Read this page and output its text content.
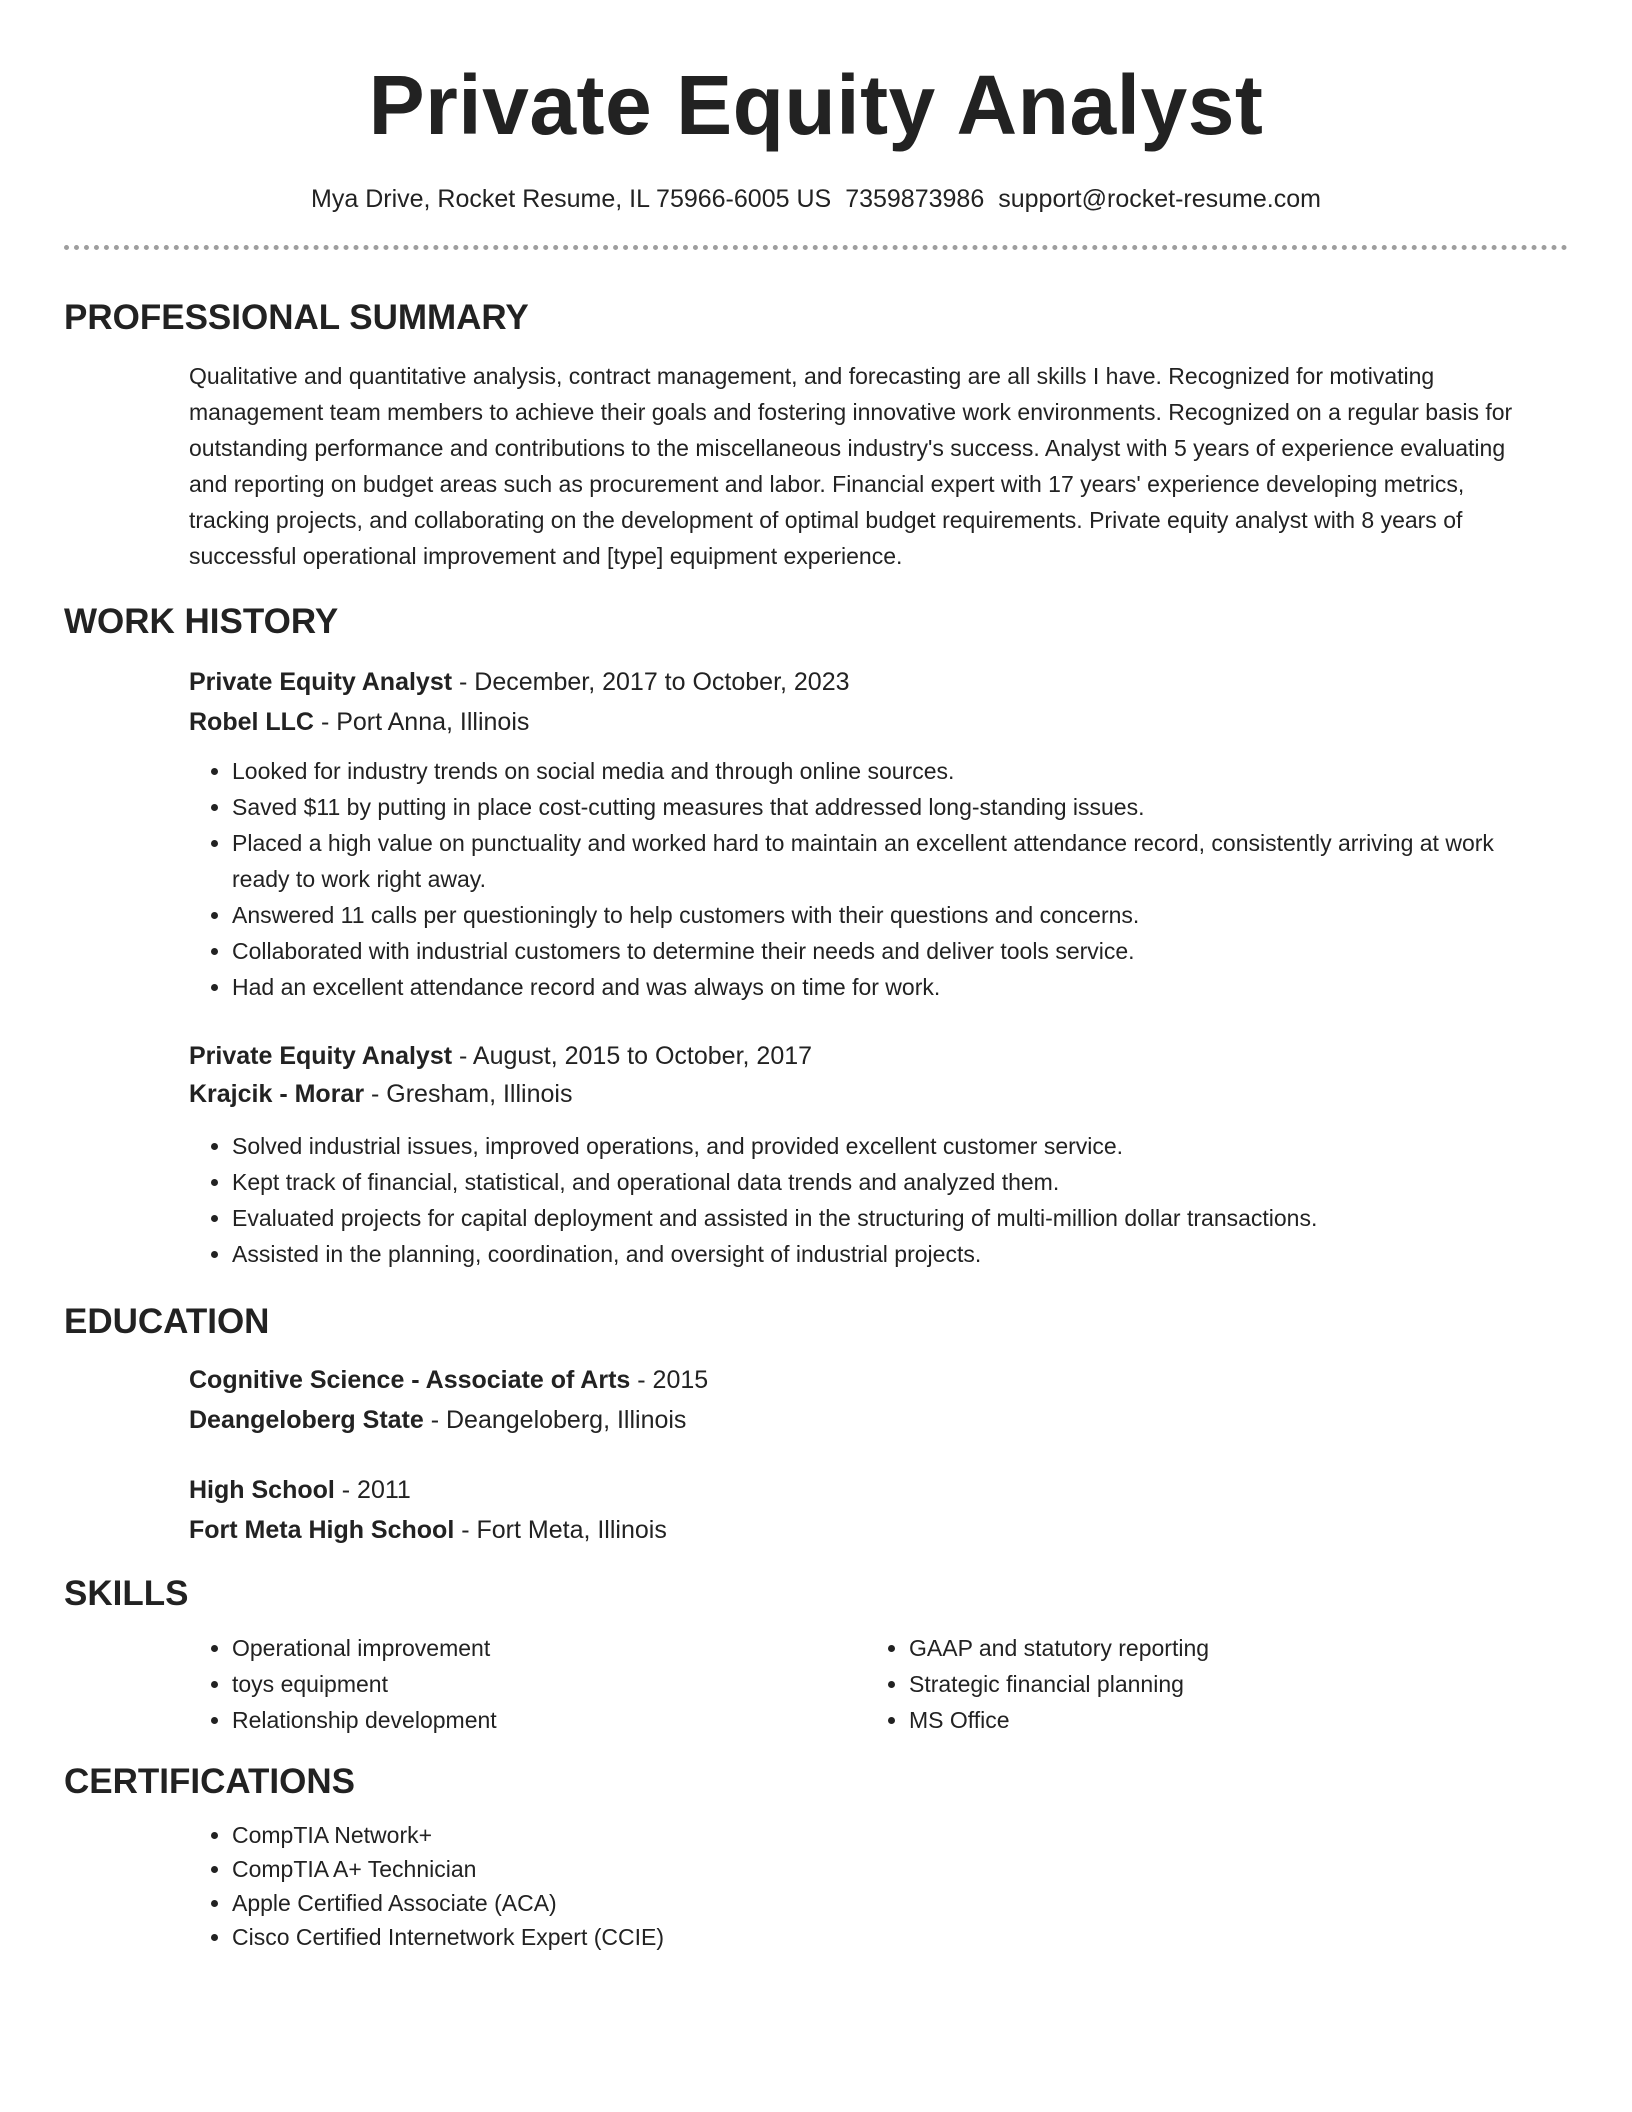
Private Equity Analyst
Mya Drive, Rocket Resume, IL 75966-6005 US 7359873986 support@rocket-resume.com
PROFESSIONAL SUMMARY

Qualitative and quantitative analysis, contract management, and forecasting are all skills I have. Recognized for motivating management team members to achieve their goals and fostering innovative work environments. Recognized on a regular basis for outstanding performance and contributions to the miscellaneous industry's success. Analyst with 5 years of experience evaluating and reporting on budget areas such as procurement and labor. Financial expert with 17 years' experience developing metrics, tracking projects, and collaborating on the development of optimal budget requirements. Private equity analyst with 8 years of successful operational improvement and [type] equipment experience.

WORK HISTORY

Private Equity Analyst - December, 2017 to October, 2023

Robel LLC - Port Anna, Illinois

• Looked for industry trends on social media and through online sources.
• Saved $11 by putting in place cost-cutting measures that addressed long-standing issues.
• Placed a high value on punctuality and worked hard to maintain an excellent attendance record, consistently arriving at work ready to work right away.
• Answered 11 calls per questioningly to help customers with their questions and concerns.
• Collaborated with industrial customers to determine their needs and deliver tools service.
• Had an excellent attendance record and was always on time for work.

Private Equity Analyst - August, 2015 to October, 2017

Krajcik - Morar - Gresham, Illinois

• Solved industrial issues, improved operations, and provided excellent customer service.
• Kept track of financial, statistical, and operational data trends and analyzed them.
• Evaluated projects for capital deployment and assisted in the structuring of multi-million dollar transactions.
• Assisted in the planning, coordination, and oversight of industrial projects.
EDUCATION

Cognitive Science - Associate of Arts - 2015

Deangeloberg State - Deangeloberg, Illinois

High School - 2011

Fort Meta High School - Fort Meta, Illinois

SKILLS
• Operational improvement
• toys equipment
• Relationship development
• GAAP and statutory reporting
• Strategic financial planning
• MS Office
CERTIFICATIONS
• CompTIA Network+
• CompTIA A+ Technician
• Apple Certified Associate (ACA)
• Cisco Certified Internetwork Expert (CCIE)
